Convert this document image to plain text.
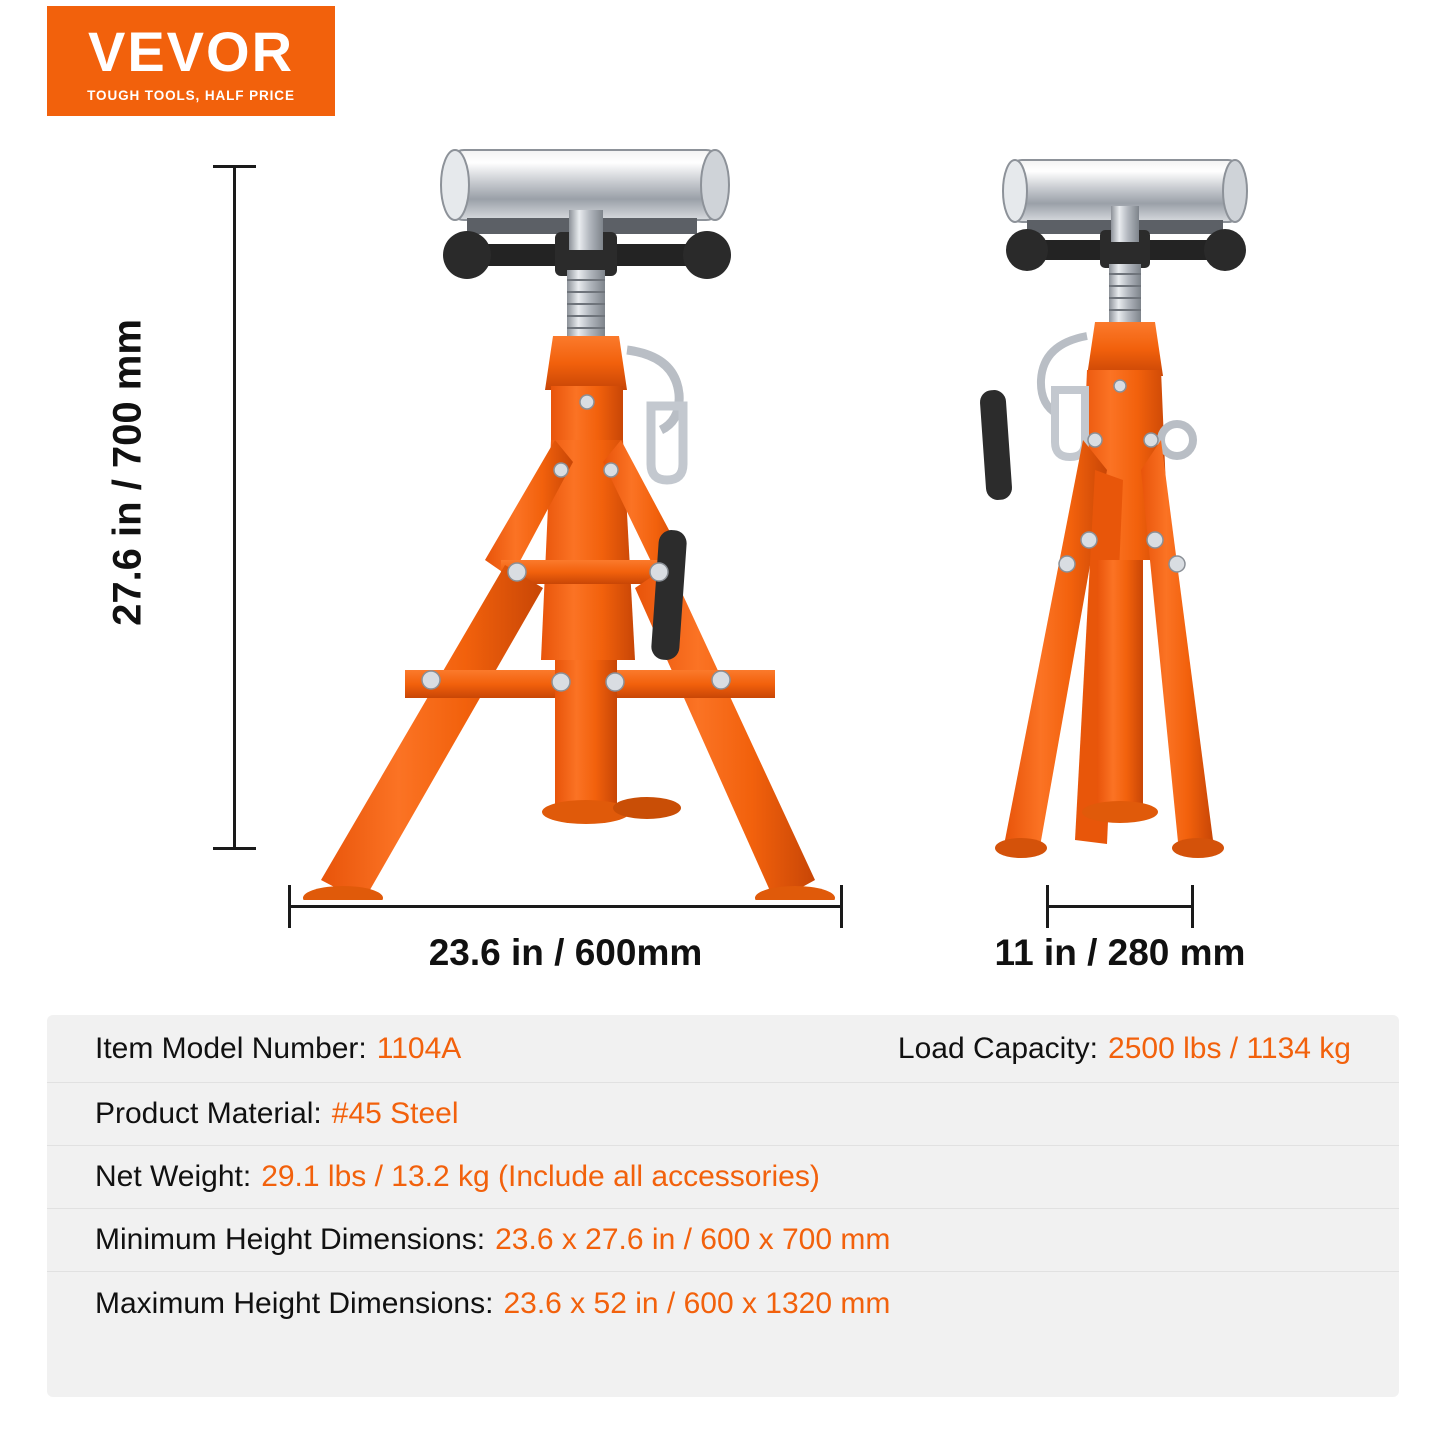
VEVOR
TOUGH TOOLS, HALF PRICE
27.6 in / 700 mm
23.6 in / 600mm	11 in / 280 mm
Item Model Number: 1104A	Load Capacity: 2500 lbs / 1134 kg
Product Material: #45 Steel
Net Weight: 29.1 lbs / 13.2 kg (Include all accessories)
Minimum Height Dimensions: 23.6 x 27.6 in / 600 x 700 mm
Maximum Height Dimensions: 23.6 x 52 in / 600 x 1320 mm
